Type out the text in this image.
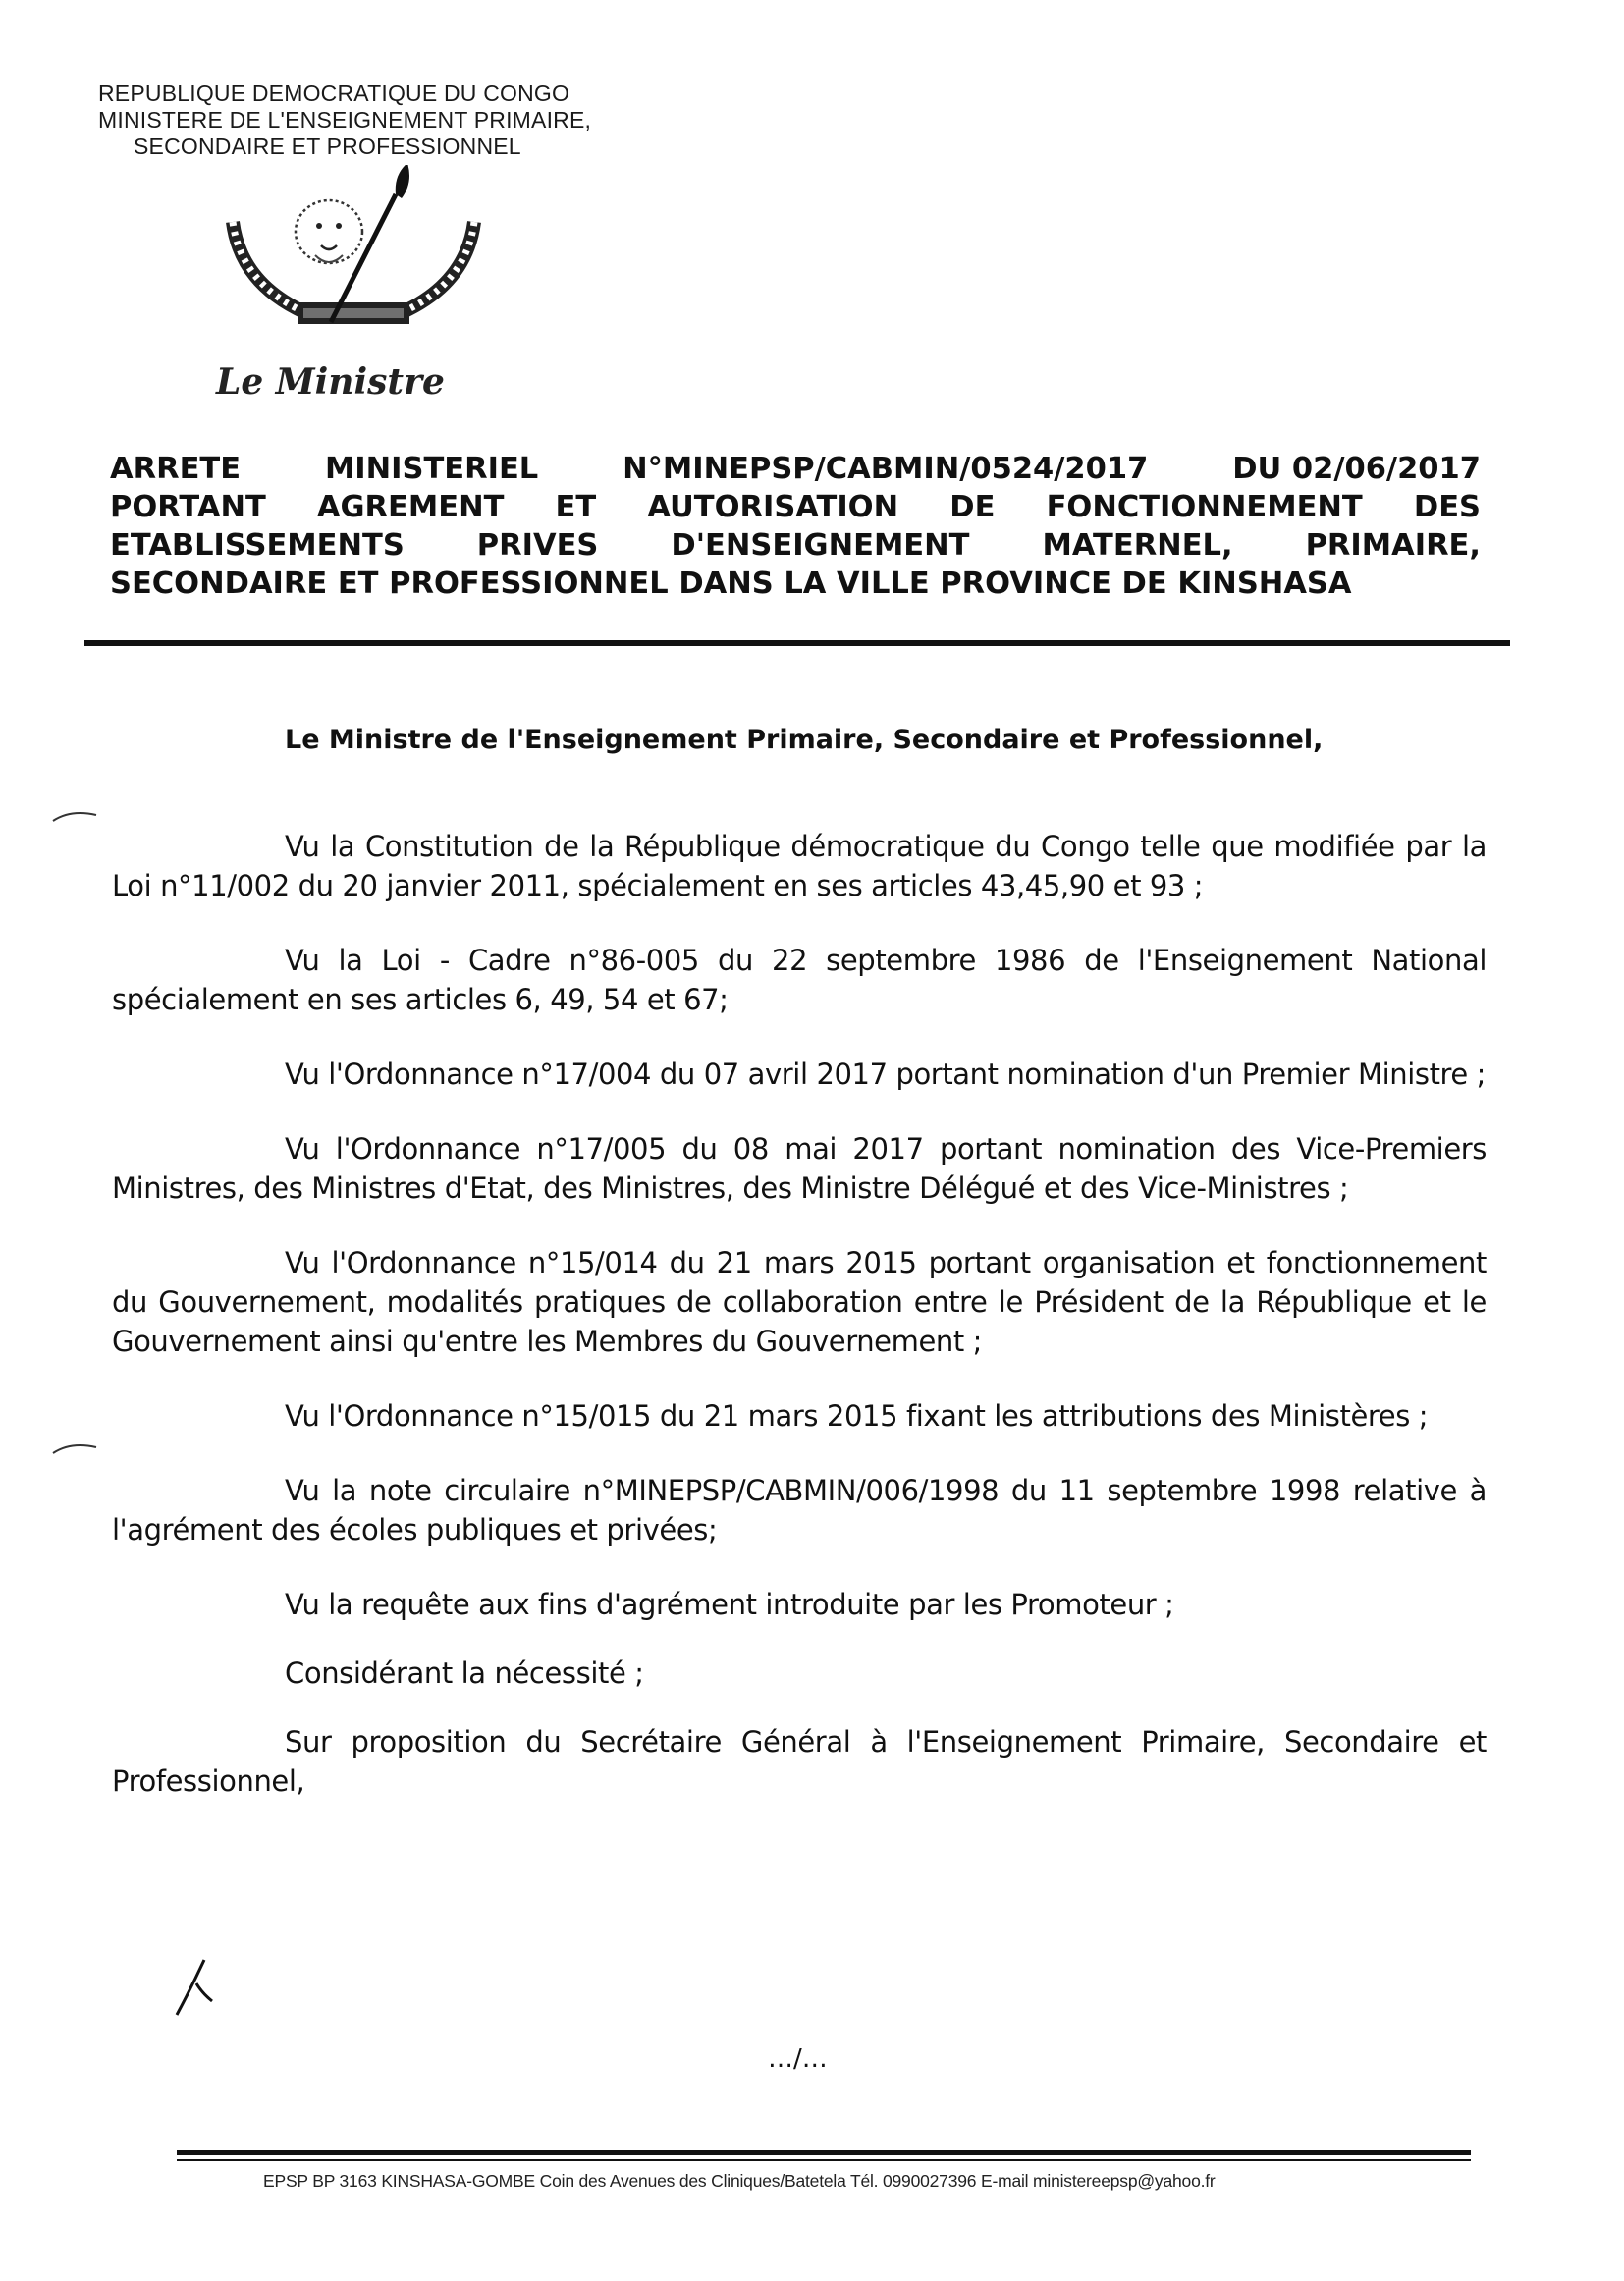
REPUBLIQUE DEMOCRATIQUE DU CONGO
MINISTERE DE L'ENSEIGNEMENT PRIMAIRE,
SECONDAIRE ET PROFESSIONNEL
Le Ministre
ARRETE	MINISTERIEL	N°MINEPSP/CABMIN/0524/2017	DU 02/06/2017
PORTANT AGREMENT ET AUTORISATION DE FONCTIONNEMENT DES
ETABLISSEMENTS PRIVES D'ENSEIGNEMENT MATERNEL, PRIMAIRE,
SECONDAIRE ET PROFESSIONNEL DANS LA VILLE PROVINCE DE KINSHASA
Le Ministre de l'Enseignement Primaire, Secondaire et Professionnel,

Vu la Constitution de la République démocratique du Congo telle que modifiée par la Loi n°11/002 du 20 janvier 2011, spécialement en ses articles 43,45,90 et 93 ;

Vu la Loi - Cadre n°86-005 du 22 septembre 1986 de l'Enseignement National spécialement en ses articles 6, 49, 54 et 67;

Vu l'Ordonnance n°17/004 du 07 avril 2017 portant nomination d'un Premier Ministre ;

Vu l'Ordonnance n°17/005 du 08 mai 2017 portant nomination des Vice-Premiers Ministres, des Ministres d'Etat, des Ministres, des Ministre Délégué et des Vice-Ministres ;

Vu l'Ordonnance n°15/014 du 21 mars 2015 portant organisation et fonctionnement du Gouvernement, modalités pratiques de collaboration entre le Président de la République et le Gouvernement ainsi qu'entre les Membres du Gouvernement ;

Vu l'Ordonnance n°15/015 du 21 mars 2015 fixant les attributions des Ministères ;

Vu la note circulaire n°MINEPSP/CABMIN/006/1998 du 11 septembre 1998 relative à l'agrément des écoles publiques et privées;

Vu la requête aux fins d'agrément introduite par les Promoteur ;

Considérant la nécessité ;

Sur proposition du Secrétaire Général à l'Enseignement Primaire, Secondaire et Professionnel,

…/…
EPSP BP 3163 KINSHASA-GOMBE Coin des Avenues des Cliniques/Batetela Tél. 0990027396 E-mail ministereepsp@yahoo.fr
